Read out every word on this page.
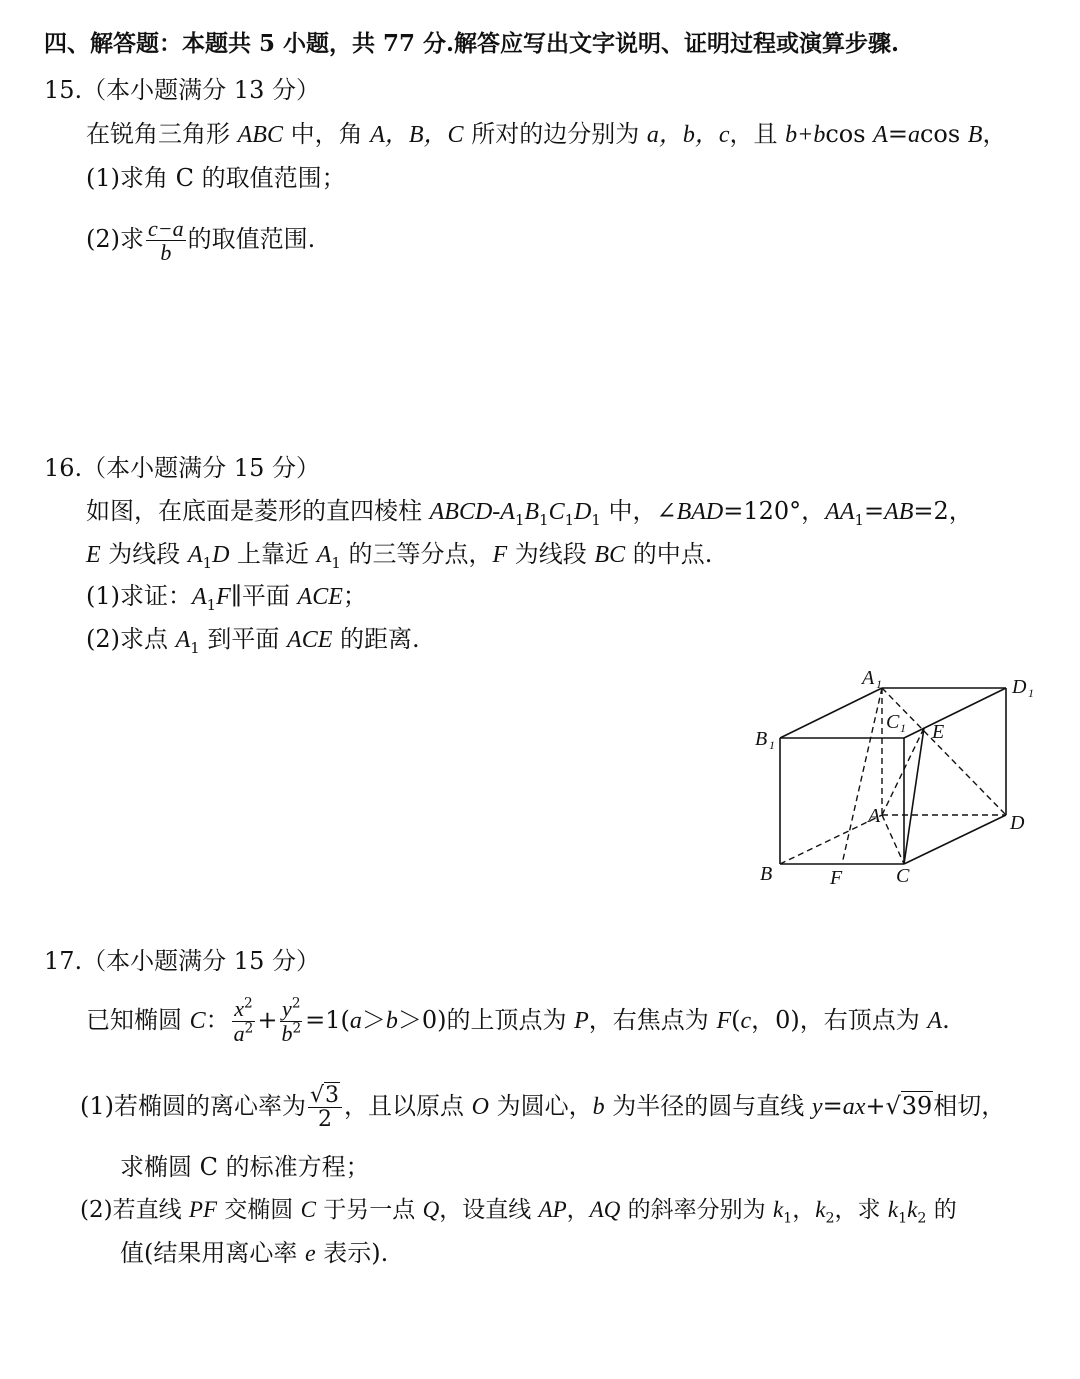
四、解答题：本题共 5 小题，共 77 分.解答应写出文字说明、证明过程或演算步骤.
15.（本小题满分 13 分）
在锐角三角形 ABC 中，角 A，B，C 所对的边分别为 a，b，c，且 b+bcos A=acos B，
(1)求角 C 的取值范围；
(2)求 $\frac{c-a}{b}$ 的取值范围.
16.（本小题满分 15 分）
如图，在底面是菱形的直四棱柱 ABCD-$A_1B_1C_1D_1$ 中，∠BAD=120°，$AA_1=AB=2$，
E 为线段 $A_1D$ 上靠近 $A_1$ 的三等分点，F 为线段 BC 的中点.
(1)求证：$A_1F\parallel$平面 ACE；
(2)求点 $A_1$ 到平面 ACE 的距离.
A 1	D 1
B 1
C 1 E
A	D
B	F	C
17.（本小题满分 15 分）
已知椭圆 C： $\frac{x^2}{a^2} + \frac{y^2}{b^2} =1(a>b>0)$的上顶点为 P，右焦点为 F(c，0)，右顶点为 A.
(1)若椭圆的离心率为 $\frac{√3}{2}$ ，且以原点 O 为圆心，b 为半径的圆与直线 y=ax+√39相切，
求椭圆 C 的标准方程；
(2)若直线 PF 交椭圆 C 于另一点 Q，设直线 AP，AQ 的斜率分别为 $k_1$，$k_2$，求 $k_1k_2$ 的
值(结果用离心率 e 表示).
